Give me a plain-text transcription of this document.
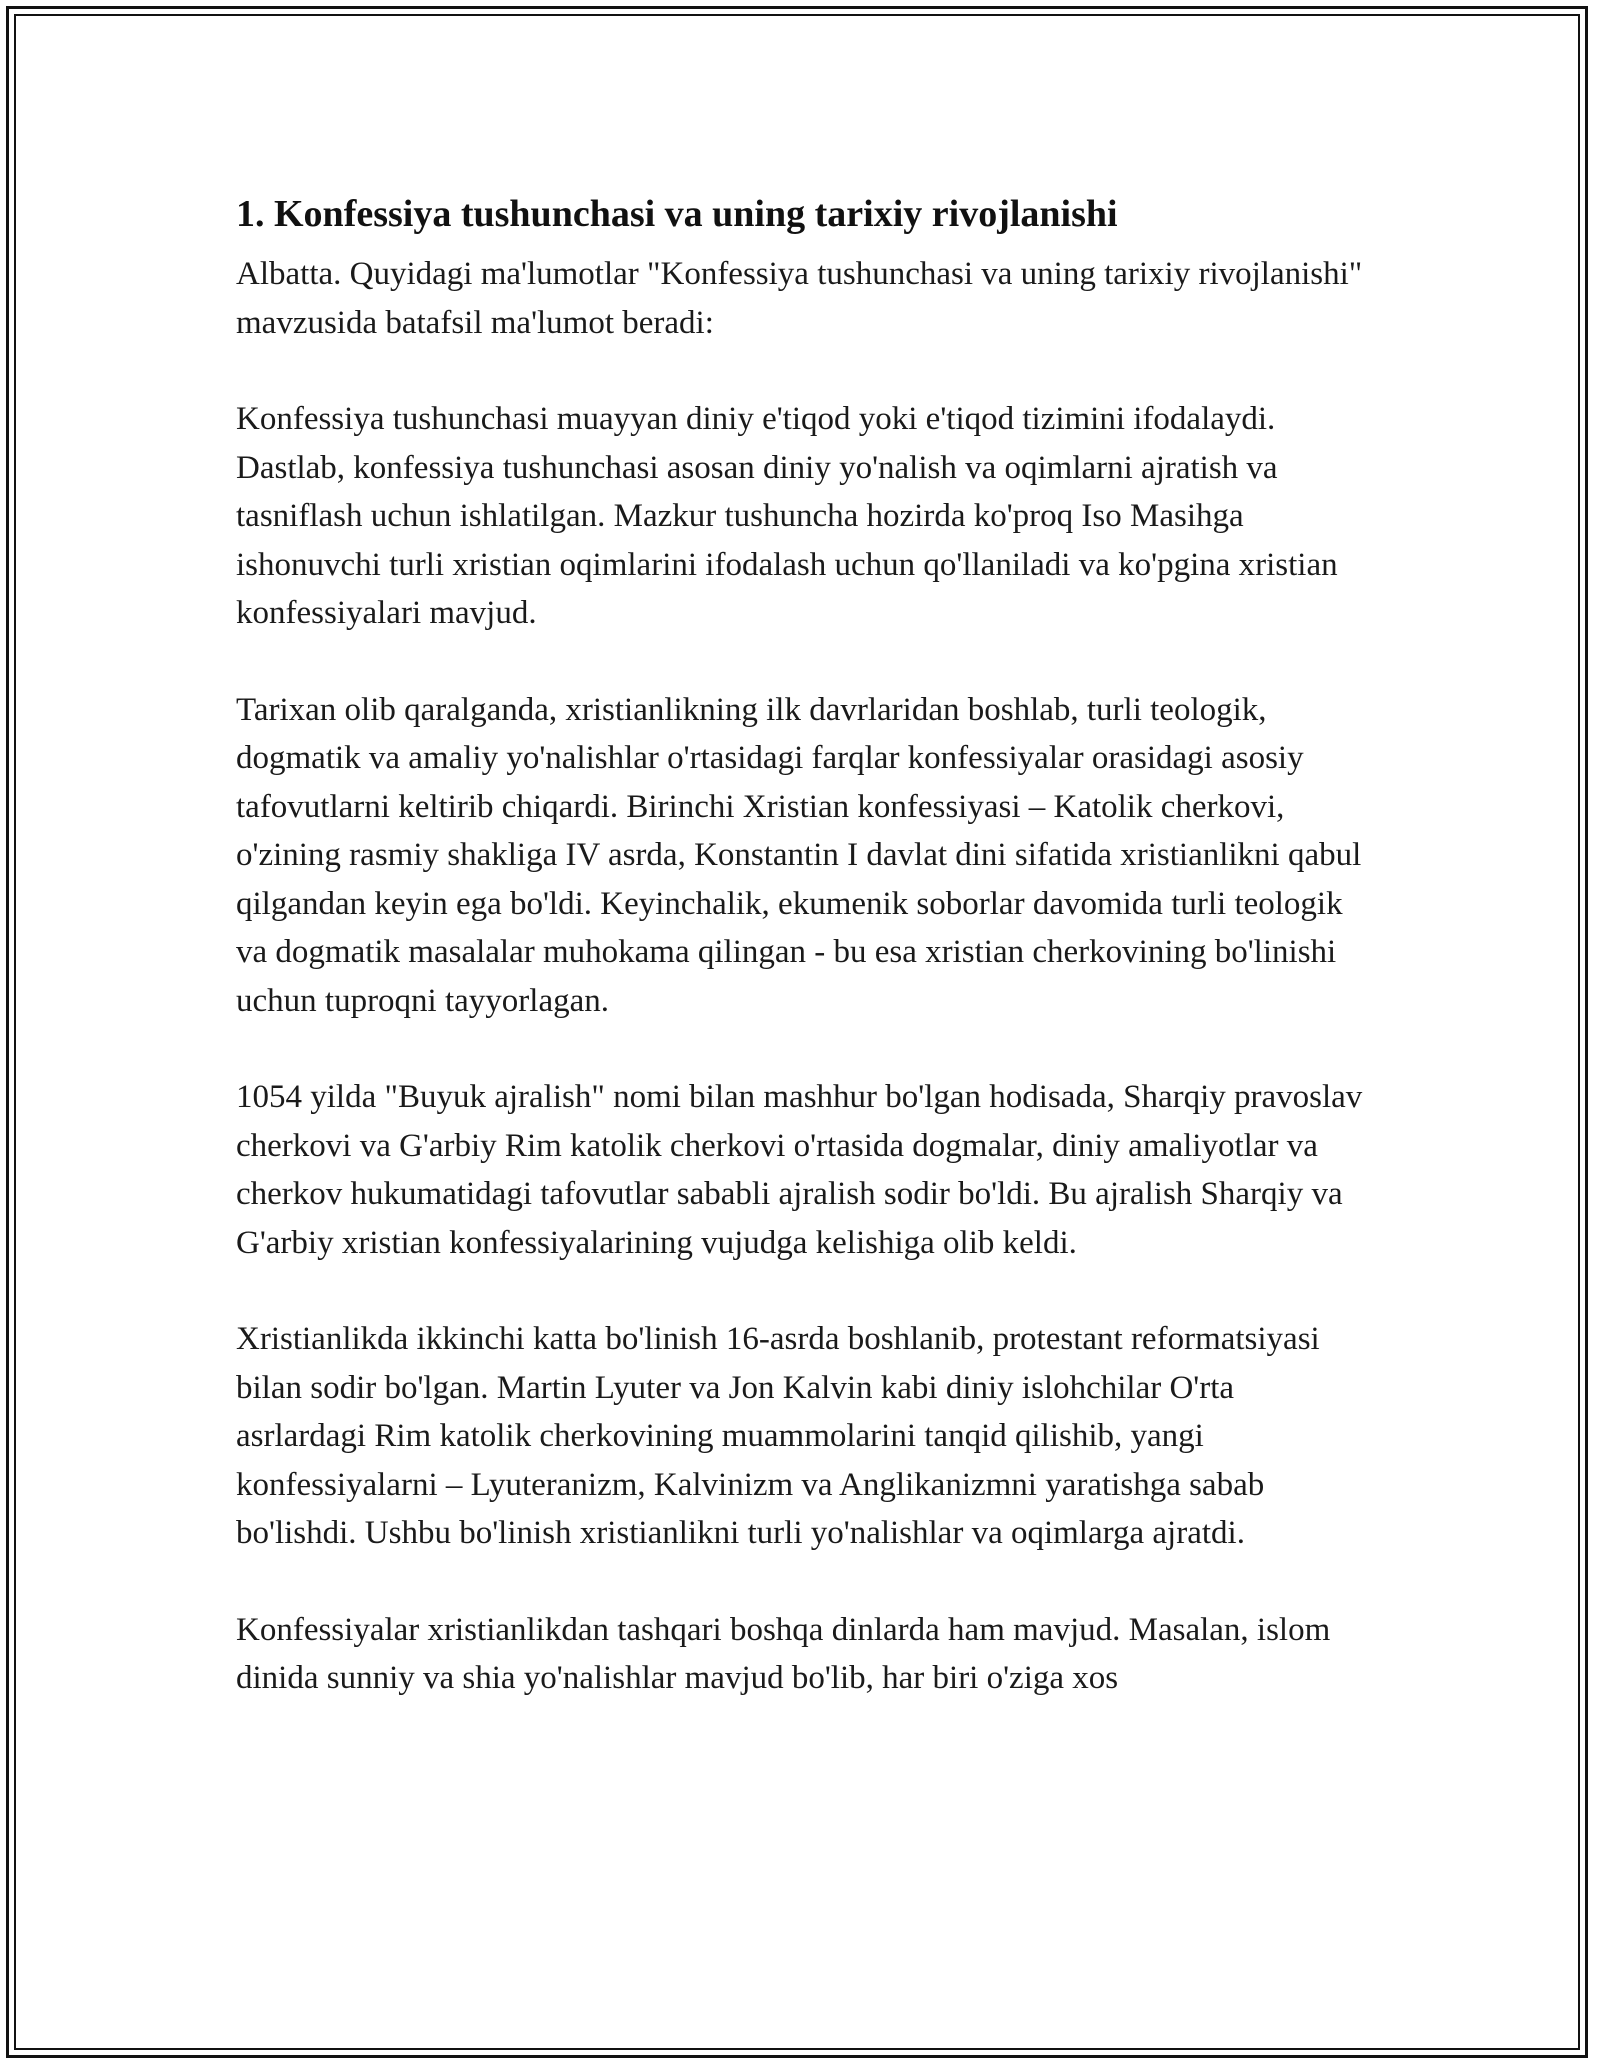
1. Konfessiya tushunchasi va uning tarixiy rivojlanishi

Albatta. Quyidagi ma'lumotlar "Konfessiya tushunchasi va uning tarixiy rivojlanishi" mavzusida batafsil ma'lumot beradi:

Konfessiya tushunchasi muayyan diniy e'tiqod yoki e'tiqod tizimini ifodalaydi. Dastlab, konfessiya tushunchasi asosan diniy yo'nalish va oqimlarni ajratish va tasniflash uchun ishlatilgan. Mazkur tushuncha hozirda ko'proq Iso Masihga ishonuvchi turli xristian oqimlarini ifodalash uchun qo'llaniladi va ko'pgina xristian konfessiyalari mavjud.

Tarixan olib qaralganda, xristianlikning ilk davrlaridan boshlab, turli teologik, dogmatik va amaliy yo'nalishlar o'rtasidagi farqlar konfessiyalar orasidagi asosiy tafovutlarni keltirib chiqardi. Birinchi Xristian konfessiyasi – Katolik cherkovi, o'zining rasmiy shakliga IV asrda, Konstantin I davlat dini sifatida xristianlikni qabul qilgandan keyin ega bo'ldi. Keyinchalik, ekumenik soborlar davomida turli teologik va dogmatik masalalar muhokama qilingan - bu esa xristian cherkovining bo'linishi uchun tuproqni tayyorlagan.

1054 yilda "Buyuk ajralish" nomi bilan mashhur bo'lgan hodisada, Sharqiy pravoslav cherkovi va G'arbiy Rim katolik cherkovi o'rtasida dogmalar, diniy amaliyotlar va cherkov hukumatidagi tafovutlar sababli ajralish sodir bo'ldi. Bu ajralish Sharqiy va G'arbiy xristian konfessiyalarining vujudga kelishiga olib keldi.

Xristianlikda ikkinchi katta bo'linish 16-asrda boshlanib, protestant reformatsiyasi bilan sodir bo'lgan. Martin Lyuter va Jon Kalvin kabi diniy islohchilar O'rta asrlardagi Rim katolik cherkovining muammolarini tanqid qilishib, yangi konfessiyalarni – Lyuteranizm, Kalvinizm va Anglikanizmni yaratishga sabab bo'lishdi. Ushbu bo'linish xristianlikni turli yo'nalishlar va oqimlarga ajratdi.

Konfessiyalar xristianlikdan tashqari boshqa dinlarda ham mavjud. Masalan, islom dinida sunniy va shia yo'nalishlar mavjud bo'lib, har biri o'ziga xos
